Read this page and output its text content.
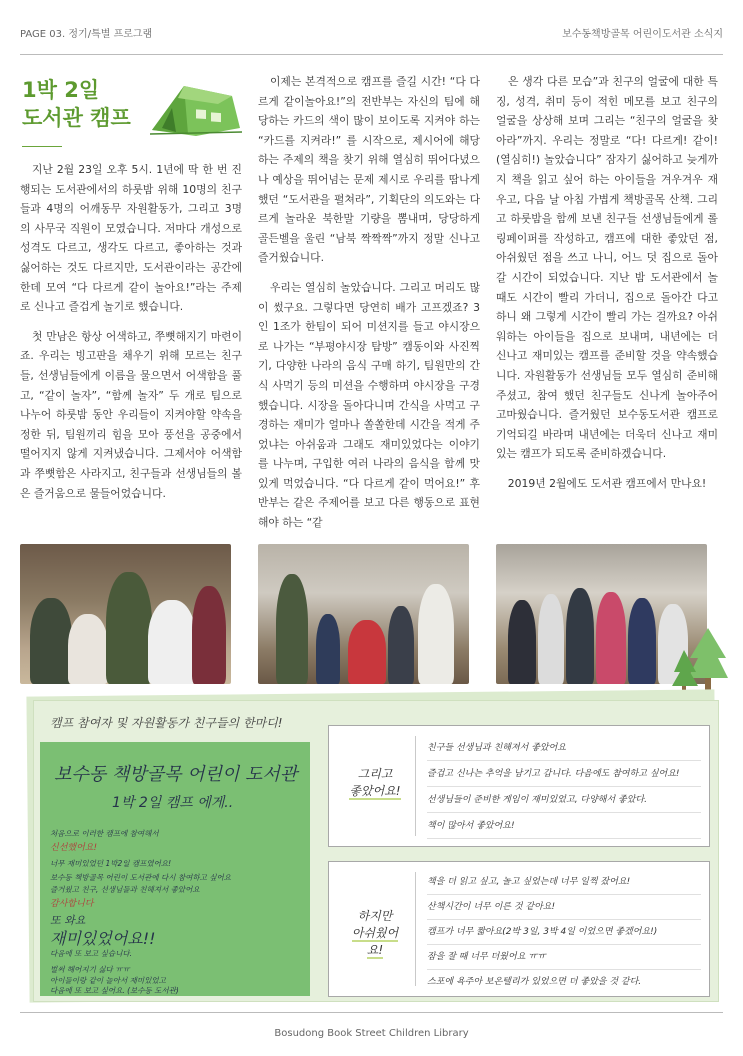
PAGE 03. 정기/특별 프로그램	보수동책방골목 어린이도서관 소식지
1박 2일
도서관 캠프

지난 2월 23일 오후 5시. 1년에 딱 한 번 진행되는 도서관에서의 하룻밤 위해 10명의 친구들과 4명의 어깨동무 자원활동가, 그리고 3명의 사무국 직원이 모였습니다. 저마다 개성으로 성격도 다르고, 생각도 다르고, 좋아하는 것과 싫어하는 것도 다르지만, 도서관이라는 공간에 한데 모여 “다 다르게 같이 놀아요!”라는 주제로 신나고 즐겁게 놀기로 했습니다.

첫 만남은 항상 어색하고, 쭈뼛해지기 마련이죠. 우리는 빙고판을 채우기 위해 모르는 친구들, 선생님들에게 이름을 물으면서 어색함을 풀고, “같이 놀자”, “함께 놀자” 두 개로 팀으로 나누어 하룻밤 동안 우리들이 지켜야할 약속을 정한 뒤, 팀원끼리 힘을 모아 풍선을 공중에서 떨어지지 않게 지켜냈습니다. 그제서야 어색함과 쭈뼛함은 사라지고, 친구들과 선생님들의 볼은 즐거움으로 물들어었습니다.

이제는 본격적으로 캠프를 즐길 시간! “다 다르게 같이놀아요!”의 전반부는 자신의 팀에 해당하는 카드의 색이 많이 보이도록 지켜야 하는 “카드를 지켜라!” 를 시작으로, 제시어에 해당하는 주제의 책을 찾기 위해 열심히 뛰어다녔으나 예상을 뛰어넘는 문제 제시로 우리를 땀나게 했던 “도서관을 펼쳐라”, 기획단의 의도와는 다르게 놀라운 북한말 기량을 뽐내며, 당당하게 골든벨을 울린 “남북 짝짝짝”까지 정말 신나고 즐거웠습니다.

우리는 열심히 놀았습니다. 그리고 머리도 많이 썼구요. 그렇다면 당연히 배가 고프겠죠? 3인 1조가 한팀이 되어 미션지를 들고 야시장으로 나가는 “부평야시장 탐방” 캠동이와 사진찍기, 다양한 나라의 음식 구매 하기, 팀원만의 간식 사먹기 등의 미션을 수행하며 야시장을 구경했습니다. 시장을 돌아다니며 간식을 사먹고 구경하는 재미가 얼마나 쏠쏠한데 시간을 적게 주었냐는 아쉬움과 그래도 재미있었다는 이야기를 나누며, 구입한 여러 나라의 음식을 함께 맛있게 먹었습니다. “다 다르게 같이 먹어요!” 후반부는 같은 주제어를 보고 다른 행동으로 표현해야 하는 “같

은 생각 다른 모습”과 친구의 얼굴에 대한 특징, 성격, 취미 등이 적힌 메모를 보고 친구의 얼굴을 상상해 보며 그리는 “친구의 얼굴을 찾아라”까지. 우리는 정말로 “다! 다르게! 같이! (열심히!) 놀았습니다” 잠자기 싫어하고 늦게까지 책을 읽고 싶어 하는 아이들을 겨우겨우 재우고, 다음 날 아침 가볍게 책방골목 산책. 그리고 하룻밤을 함께 보낸 친구들 선생님들에게 롤링페이퍼를 작성하고, 캠프에 대한 좋았던 점, 아쉬웠던 점을 쓰고 나니, 어느 덧 집으로 돌아갈 시간이 되었습니다. 지난 밤 도서관에서 놀 때도 시간이 빨리 가더니, 집으로 돌아간 다고 하니 왜 그렇게 시간이 빨리 가는 걸까요? 아쉬워하는 아이들을 집으로 보내며, 내년에는 더 신나고 재미있는 캠프를 준비할 것을 약속했습니다. 자원활동가 선생님들 모두 열심히 준비해주셨고, 참여 했던 친구들도 신나게 놀아주어 고마웠습니다. 즐거웠던 보수동도서관 캠프로 기억되길 바라며 내년에는 더욱더 신나고 재미있는 캠프가 되도록 준비하겠습니다.

2019년 2월에도 도서관 캠프에서 만나요!

캠프 참여자 및 자원활동가 친구들의 한마디!
보수동 책방골목 어린이 도서관
1박 2일 캠프 에게..
처음으로 이러한 캠프에 참여해서
신선했어요!
너무 재미있었던 1박2일 캠프였어요!
보수동 책방골목 어린이 도서관에 다시 참여하고 싶어요
즐거웠고 친구, 선생님들과 친해져서 좋았어요
감사합니다
또 와요
재미있었어요!!
다음에 또 보고 싶습니다.
벌써 헤어지기 싫다 ㅠㅠ
아이들이랑 같이 놀아서 재미있었고
다음에 또 보고 싶어요. (보수동 도서관)
그리고
좋았어요!
친구들 선생님과 친해져서 좋았어요
즐겁고 신나는 추억을 남기고 갑니다. 다음에도 참여하고 싶어요!
선생님들이 준비한 게임이 재미있었고, 다양해서 좋았다.
책이 많아서 좋았어요!
하지만
아쉬웠어요!
책을 더 읽고 싶고, 놀고 싶었는데 너무 일찍 잤어요!
산책시간이 너무 이른 것 같아요!
캠프가 너무 짧아요(2박 3일, 3박 4일 이었으면 좋겠어요!)
잠을 잘 때 너무 더웠어요 ㅠㅠ
스포에 욕주아 보온텔리가 있었으면 더 좋았을 것 같다.
Bosudong Book Street Children Library
